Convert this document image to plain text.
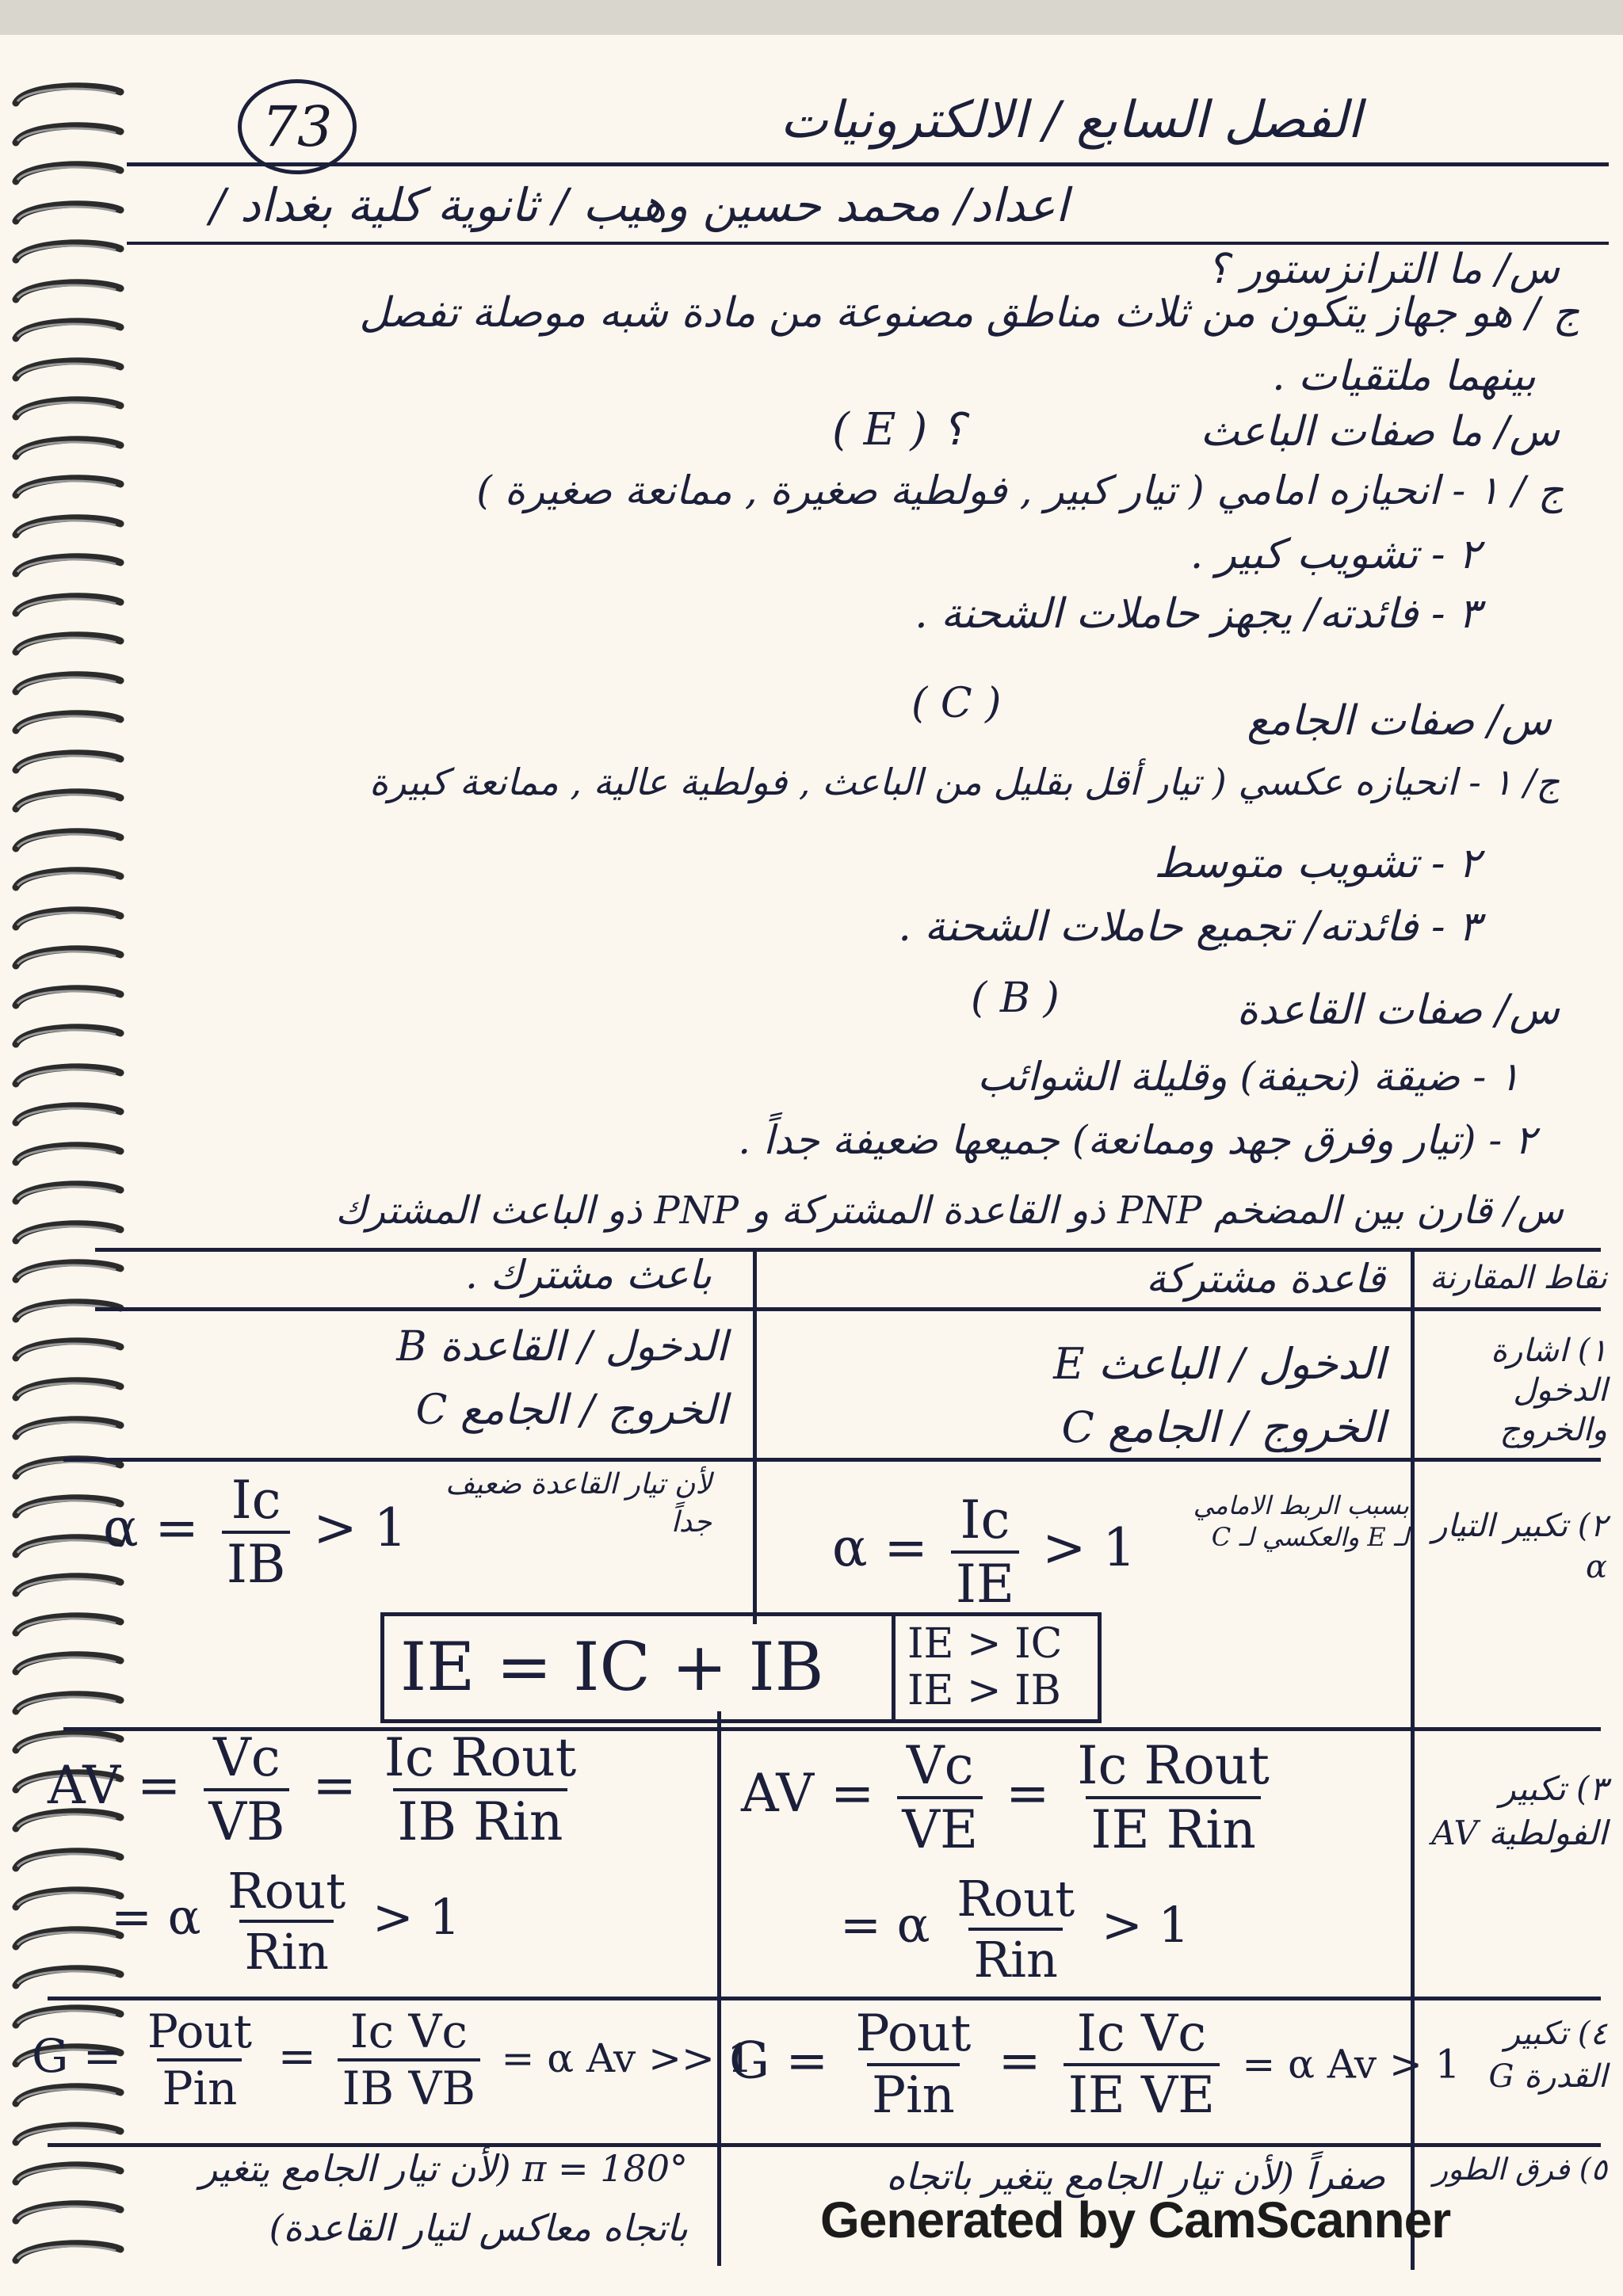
73	الفصل السابع / الالكترونيات
اعداد/ محمد حسين وهيب / ثانوية كلية بغداد /
س/ ما الترانزستور ؟
ج / هو جهاز يتكون من ثلاث مناطق مصنوعة من مادة شبه موصلة تفصل
بينهما ملتقيات .
س/ ما صفات الباعث
( E ) ؟
ج / ١ - انحيازه امامي ( تيار كبير , فولطية صغيرة , ممانعة صغيرة )
٢ - تشويب كبير .
٣ - فائدته/ يجهز حاملات الشحنة .
س/ صفات الجامع
( C )
ج/ ١ - انحيازه عكسي ( تيار أقل بقليل من الباعث , فولطية عالية , ممانعة كبيرة
٢ - تشويب متوسط
٣ - فائدته/ تجميع حاملات الشحنة .
س/ صفات القاعدة
( B )
١ - ضيقة (نحيفة) وقليلة الشوائب
٢ - (تيار وفرق جهد وممانعة) جميعها ضعيفة جداً .
س/ قارن بين المضخم PNP ذو القاعدة المشتركة و PNP ذو الباعث المشترك
نقاط المقارنة
قاعدة مشتركة
باعث مشترك .
١) اشارة الدخول والخروج
الدخول / الباعث E
الخروج / الجامع C
الدخول / القاعدة B
الخروج / الجامع C
٢) تكبير التيار α
بسبب الربط الامامي لـ E والعكسي لـ C
لأن تيار القاعدة ضعيف جداً $\alpha = \frac{Ic}{IE} > 1$
$\alpha = \frac{Ic}{IB} > 1$
IE = IC + IB IE > IC
IE > IB
٣) تكبير الفولطية AV
AV = $\frac{Vc}{VE} = \frac{\text{Ic Rout}}{\text{IE Rin}}$
= α $\frac{\text{Rout}}{\text{Rin}} > 1$
AV = $\frac{Vc}{VB} = \frac{\text{Ic Rout}}{\text{IB Rin}}$
= α $\frac{\text{Rout}}{\text{Rin}} > 1$
٤) تكبير القدرة G
$G = \frac{\text{Pout}}{\text{Pin}} = \frac{\text{Ic Vc}}{\text{IE VE}} = \alpha$ Av > 1
$G = \frac{\text{Pout}}{\text{Pin}} = \frac{\text{Ic Vc}}{\text{IB VB}} = \alpha$ Av >> 1
٥) فرق الطور
صفراً (لأن تيار الجامع يتغير باتجاه
π = 180° (لأن تيار الجامع يتغير
باتجاه معاكس لتيار القاعدة)	Generated by CamScanner
